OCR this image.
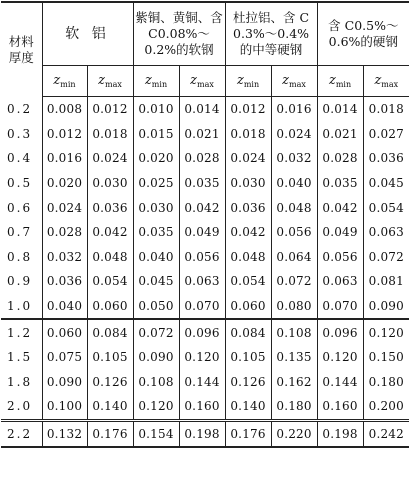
材料
厚度	软 铝		紫铜、黄铜、含
C0.08%～
0.2%的软钢		杜拉铝、含 C
0.3%～0.4%
的中等硬钢		含 C0.5%～
0.6%的硬钢	

	$z_{min}$	$z_{max}$	$z_{min}$	$z_{max}$	$z_{min}$	$z_{max}$	$z_{min}$	$z_{max}$
0.2	0.008	0.012	0.010	0.014	0.012	0.016	0.014	0.018
0.3	0.012	0.018	0.015	0.021	0.018	0.024	0.021	0.027
0.4	0.016	0.024	0.020	0.028	0.024	0.032	0.028	0.036
0.5	0.020	0.030	0.025	0.035	0.030	0.040	0.035	0.045
0.6	0.024	0.036	0.030	0.042	0.036	0.048	0.042	0.054
0.7	0.028	0.042	0.035	0.049	0.042	0.056	0.049	0.063
0.8	0.032	0.048	0.040	0.056	0.048	0.064	0.056	0.072
0.9	0.036	0.054	0.045	0.063	0.054	0.072	0.063	0.081
1.0	0.040	0.060	0.050	0.070	0.060	0.080	0.070	0.090
1.2	0.060	0.084	0.072	0.096	0.084	0.108	0.096	0.120
1.5	0.075	0.105	0.090	0.120	0.105	0.135	0.120	0.150
1.8	0.090	0.126	0.108	0.144	0.126	0.162	0.144	0.180
2.0	0.100	0.140	0.120	0.160	0.140	0.180	0.160	0.200
2.2	0.132	0.176	0.154	0.198	0.176	0.220	0.198	0.242
